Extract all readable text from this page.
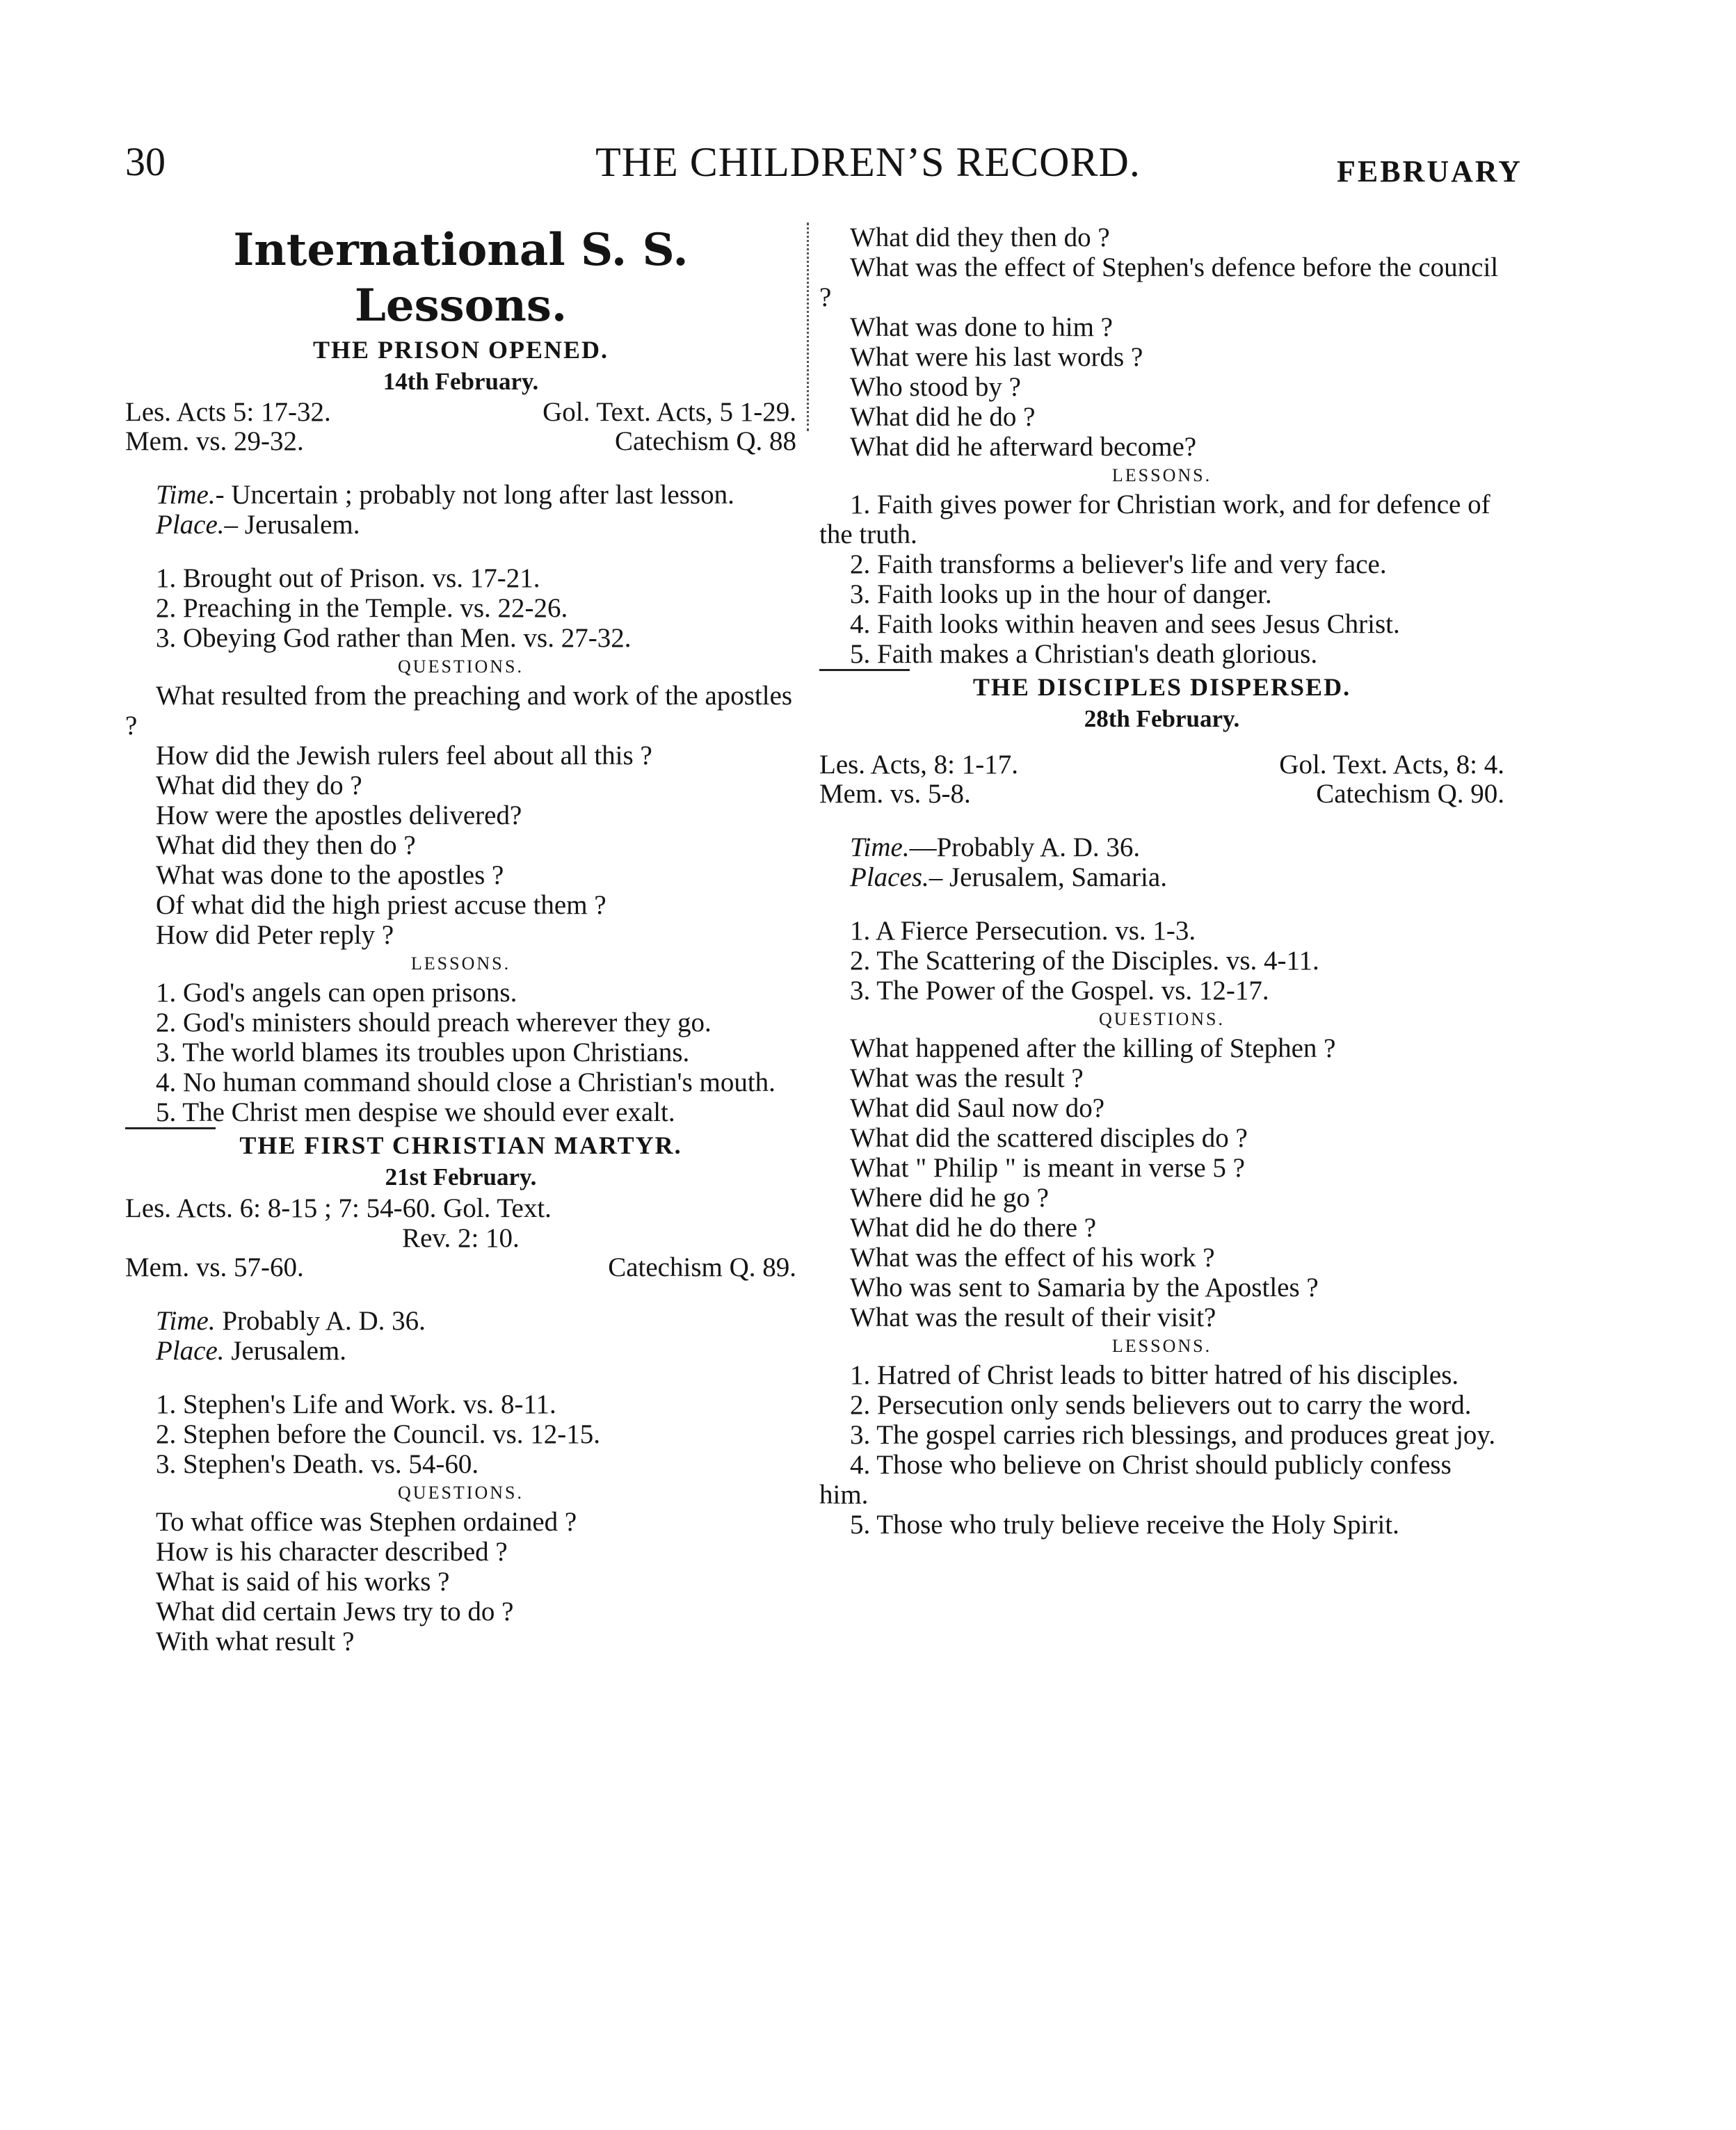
30	THE CHILDREN’S RECORD.	FEBRUARY
International S. S. Lessons.
THE PRISON OPENED.
14th February.
Les. Acts 5: 17-32.	Gol. Text. Acts, 5 1-29.
Mem. vs. 29-32.	Catechism Q. 88
Time.- Uncertain ; probably not long after last lesson.
Place.– Jerusalem.
1. Brought out of Prison. vs. 17-21.
2. Preaching in the Temple. vs. 22-26.
3. Obeying God rather than Men. vs. 27-32.
QUESTIONS.
What resulted from the preaching and work of the apostles ?
How did the Jewish rulers feel about all this ?
What did they do ?
How were the apostles delivered?
What did they then do ?
What was done to the apostles ?
Of what did the high priest accuse them ?
How did Peter reply ?
LESSONS.
1. God's angels can open prisons.
2. God's ministers should preach wherever they go.
3. The world blames its troubles upon Christians.
4. No human command should close a Christian's mouth.
5. The Christ men despise we should ever exalt.
THE FIRST CHRISTIAN MARTYR.
21st February.
Les. Acts. 6: 8-15 ; 7: 54-60. Gol. Text.
Rev. 2: 10.
Mem. vs. 57-60.	Catechism Q. 89.
Time. Probably A. D. 36.
Place. Jerusalem.
1. Stephen's Life and Work. vs. 8-11.
2. Stephen before the Council. vs. 12-15.
3. Stephen's Death. vs. 54-60.
QUESTIONS.
To what office was Stephen ordained ?
How is his character described ?
What is said of his works ?
What did certain Jews try to do ?
With what result ?
What did they then do ?
What was the effect of Stephen's defence before the council ?
What was done to him ?
What were his last words ?
Who stood by ?
What did he do ?
What did he afterward become?
LESSONS.
1. Faith gives power for Christian work, and for defence of the truth.
2. Faith transforms a believer's life and very face.
3. Faith looks up in the hour of danger.
4. Faith looks within heaven and sees Jesus Christ.
5. Faith makes a Christian's death glorious.
THE DISCIPLES DISPERSED.
28th February.
Les. Acts, 8: 1-17.	Gol. Text. Acts, 8: 4.
Mem. vs. 5-8.	Catechism Q. 90.
Time.—Probably A. D. 36.
Places.– Jerusalem, Samaria.
1. A Fierce Persecution. vs. 1-3.
2. The Scattering of the Disciples. vs. 4-11.
3. The Power of the Gospel. vs. 12-17.
QUESTIONS.
What happened after the killing of Stephen ?
What was the result ?
What did Saul now do?
What did the scattered disciples do ?
What " Philip " is meant in verse 5 ?
Where did he go ?
What did he do there ?
What was the effect of his work ?
Who was sent to Samaria by the Apostles ?
What was the result of their visit?
LESSONS.
1. Hatred of Christ leads to bitter hatred of his disciples.
2. Persecution only sends believers out to carry the word.
3. The gospel carries rich blessings, and produces great joy.
4. Those who believe on Christ should publicly confess him.
5. Those who truly believe receive the Holy Spirit.
